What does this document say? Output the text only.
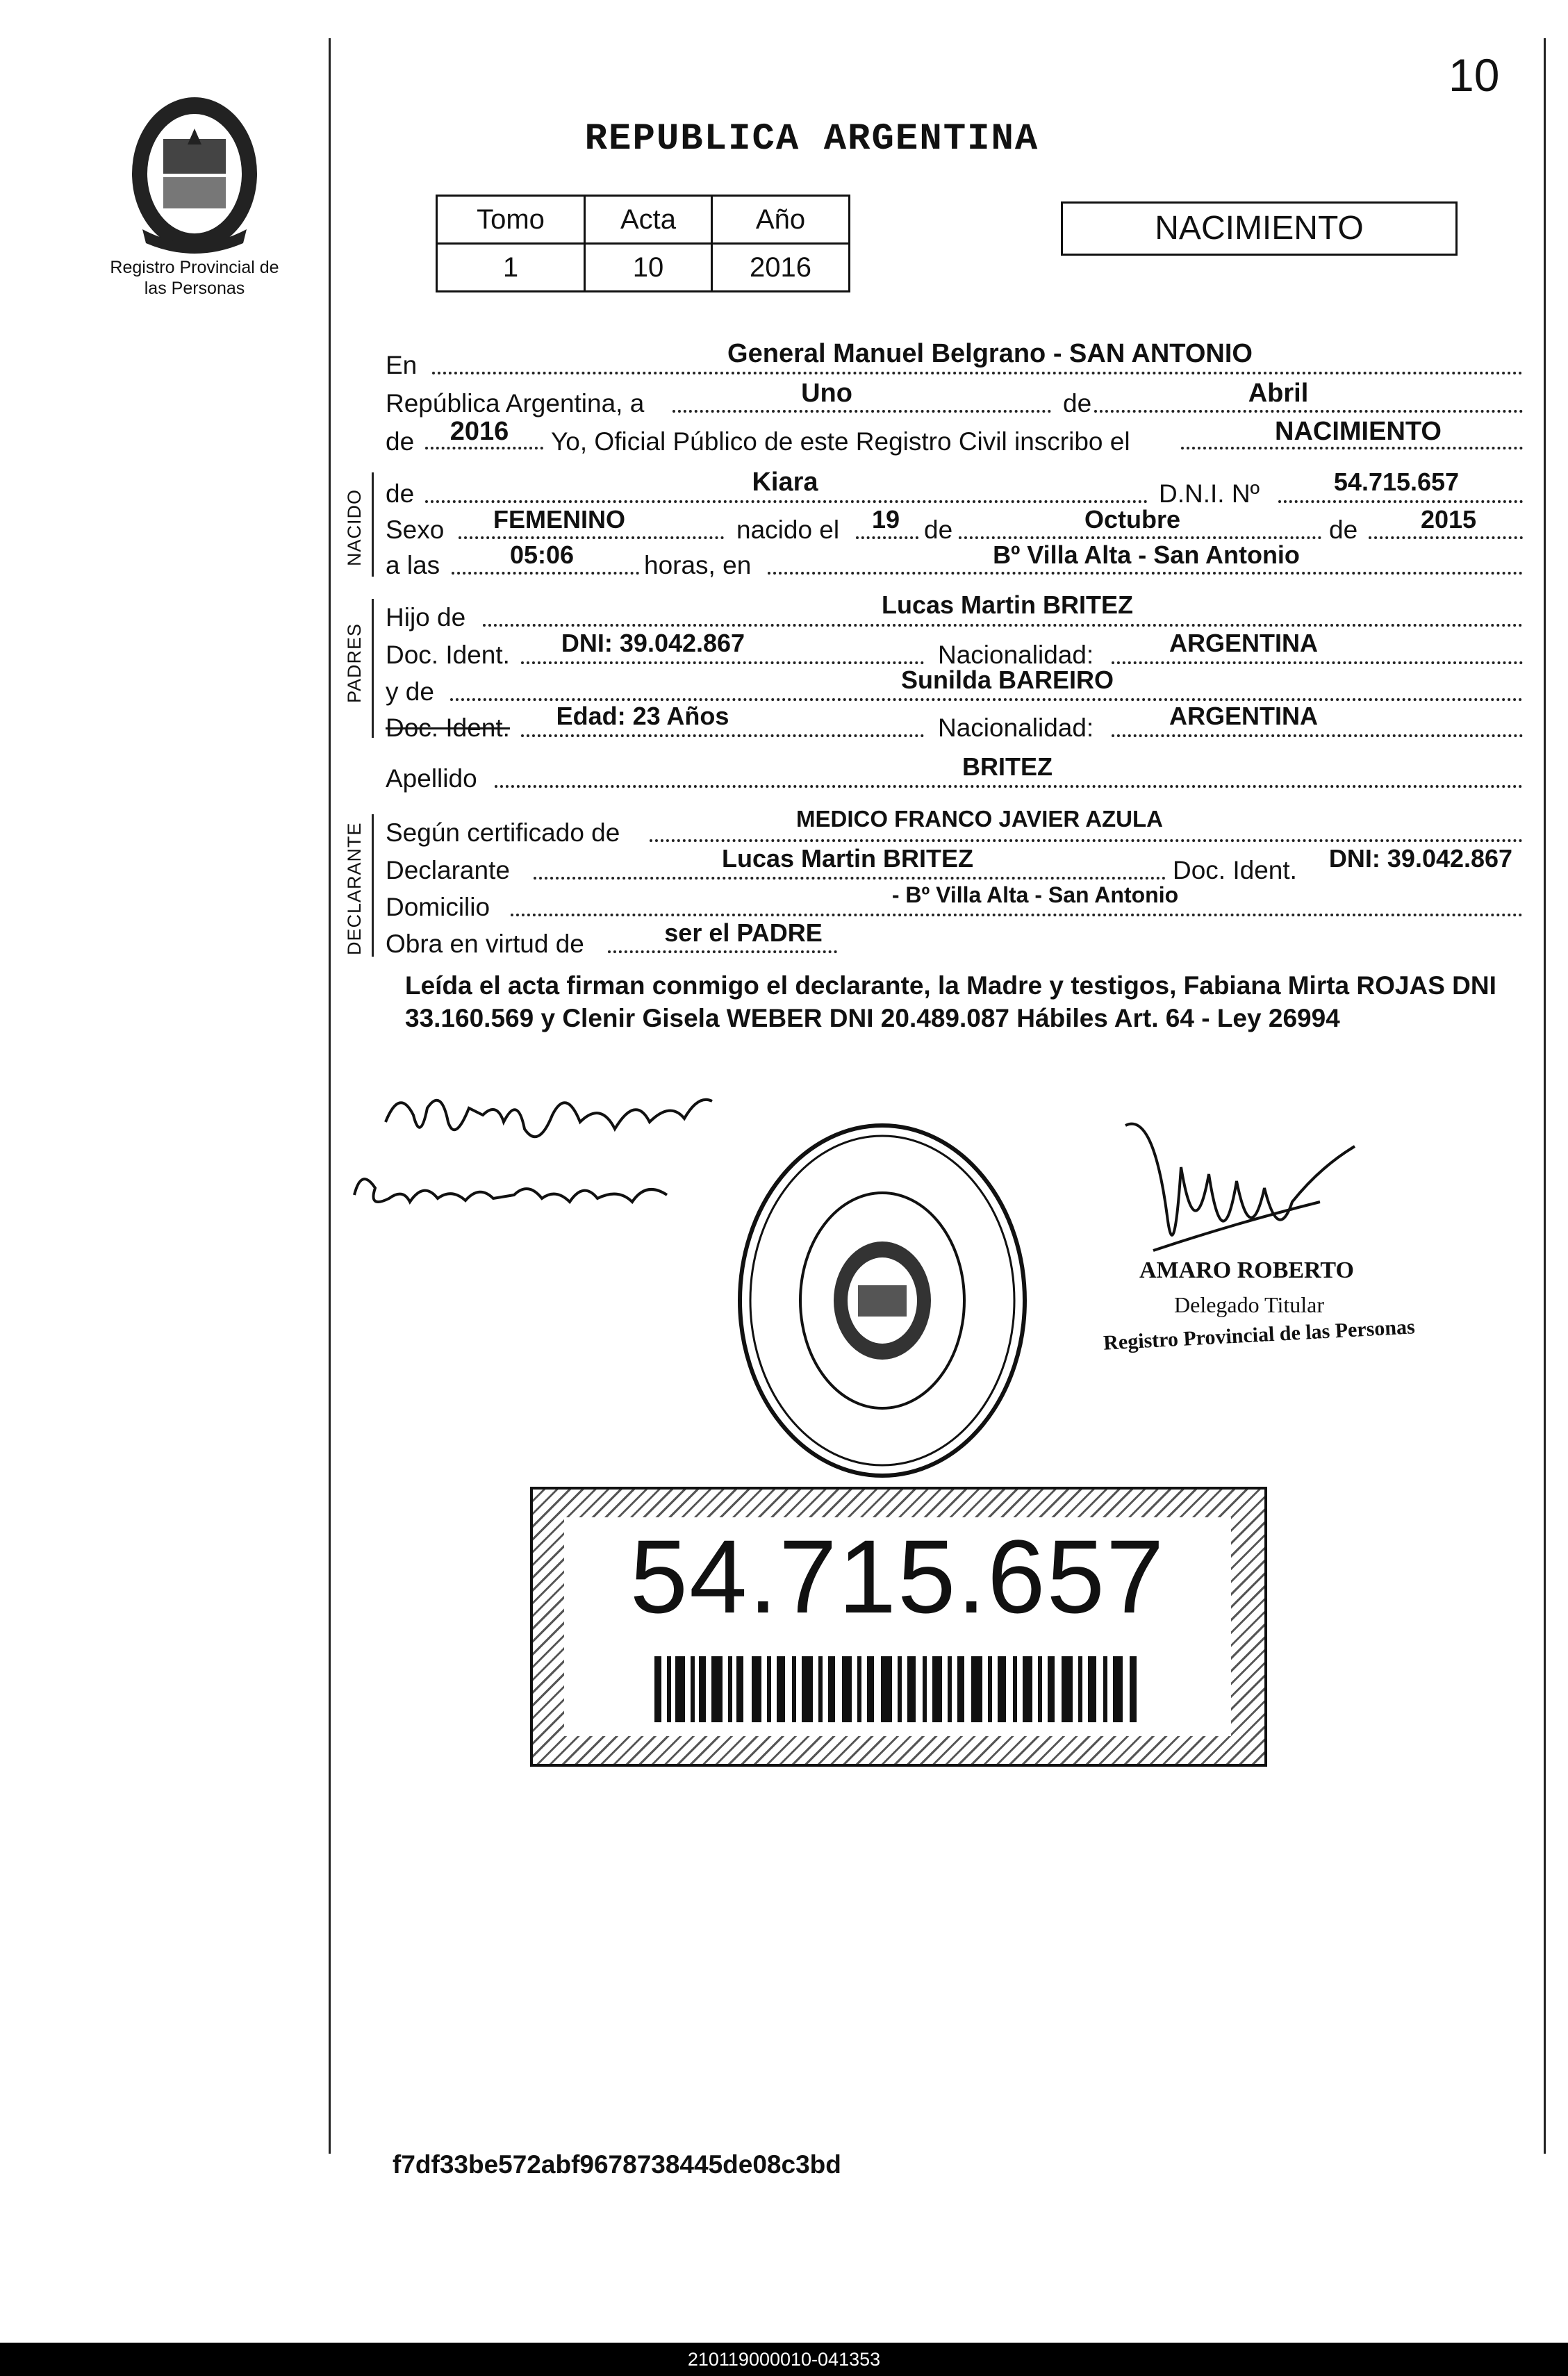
Registro Provincial de las Personas
10
REPUBLICA ARGENTINA
Tomo	Acta	Año
1	10	2016
NACIMIENTO
En	General Manuel Belgrano - SAN ANTONIO
República Argentina, a	Uno	de	Abril
de	2016	Yo, Oficial Público de este Registro Civil inscribo el	NACIMIENTO
NACIDO de	Kiara	D.N.I. Nº	54.715.657
Sexo	FEMENINO	nacido el	19 de	Octubre	de	2015
a las	05:06	horas, en	Bº Villa Alta - San Antonio
PADRES
Hijo de	Lucas Martin BRITEZ
Doc. Ident.	DNI: 39.042.867	Nacionalidad:	ARGENTINA
y de	Sunilda BAREIRO
Doc. Ident.	Edad: 23 Años	Nacionalidad:	ARGENTINA
Apellido	BRITEZ
DECLARANTE Según certificado de	MEDICO FRANCO JAVIER AZULA
Declarante	Lucas Martin BRITEZ	Doc. Ident.	DNI: 39.042.867
Domicilio	- Bº Villa Alta - San Antonio
Obra en virtud de	ser el PADRE
Leída el acta firman conmigo el declarante, la Madre y testigos, Fabiana Mirta ROJAS DNI 33.160.569 y Clenir Gisela WEBER DNI 20.489.087 Hábiles Art. 64 - Ley 26994
AMARO ROBERTO
Delegado Titular
Registro Provincial de las Personas
54.715.657
f7df33be572abf9678738445de08c3bd
210119000010-041353
